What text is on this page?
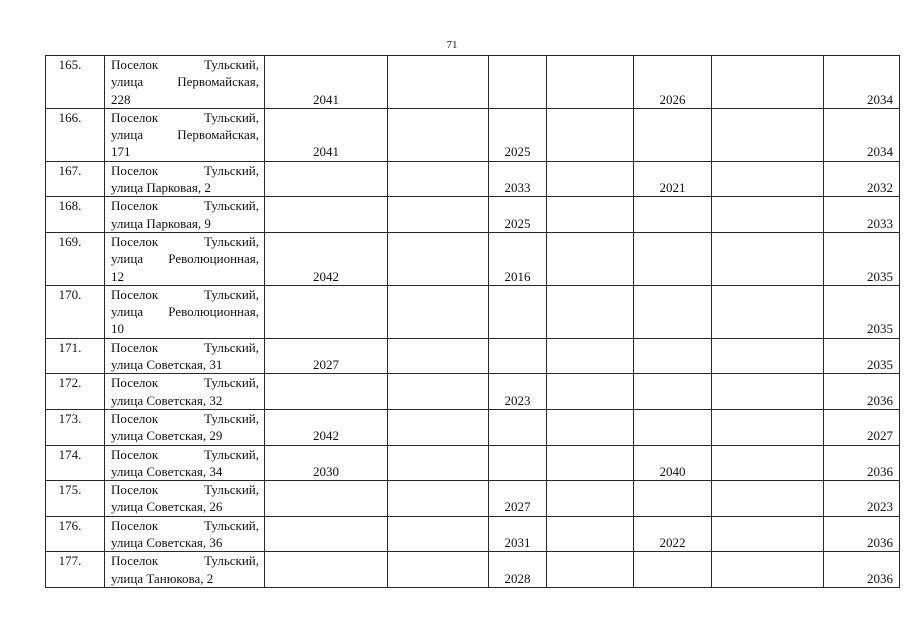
71
165.	Поселок Тульский,
улица Первомайская,
228	2041				2026		2034
166.	Поселок Тульский,
улица Первомайская,
171	2041		2025				2034
167.	Поселок Тульский,
улица Парковая, 2			2033		2021		2032
168.	Поселок Тульский,
улица Парковая, 9			2025				2033
169.	Поселок Тульский,
улица Революционная,
12	2042		2016				2035
170.	Поселок Тульский,
улица Революционная,
10							2035
171.	Поселок Тульский,
улица Советская, 31	2027						2035
172.	Поселок Тульский,
улица Советская, 32			2023				2036
173.	Поселок Тульский,
улица Советская, 29	2042						2027
174.	Поселок Тульский,
улица Советская, 34	2030				2040		2036
175.	Поселок Тульский,
улица Советская, 26			2027				2023
176.	Поселок Тульский,
улица Советская, 36			2031		2022		2036
177.	Поселок Тульский,
улица Танюкова, 2			2028				2036
